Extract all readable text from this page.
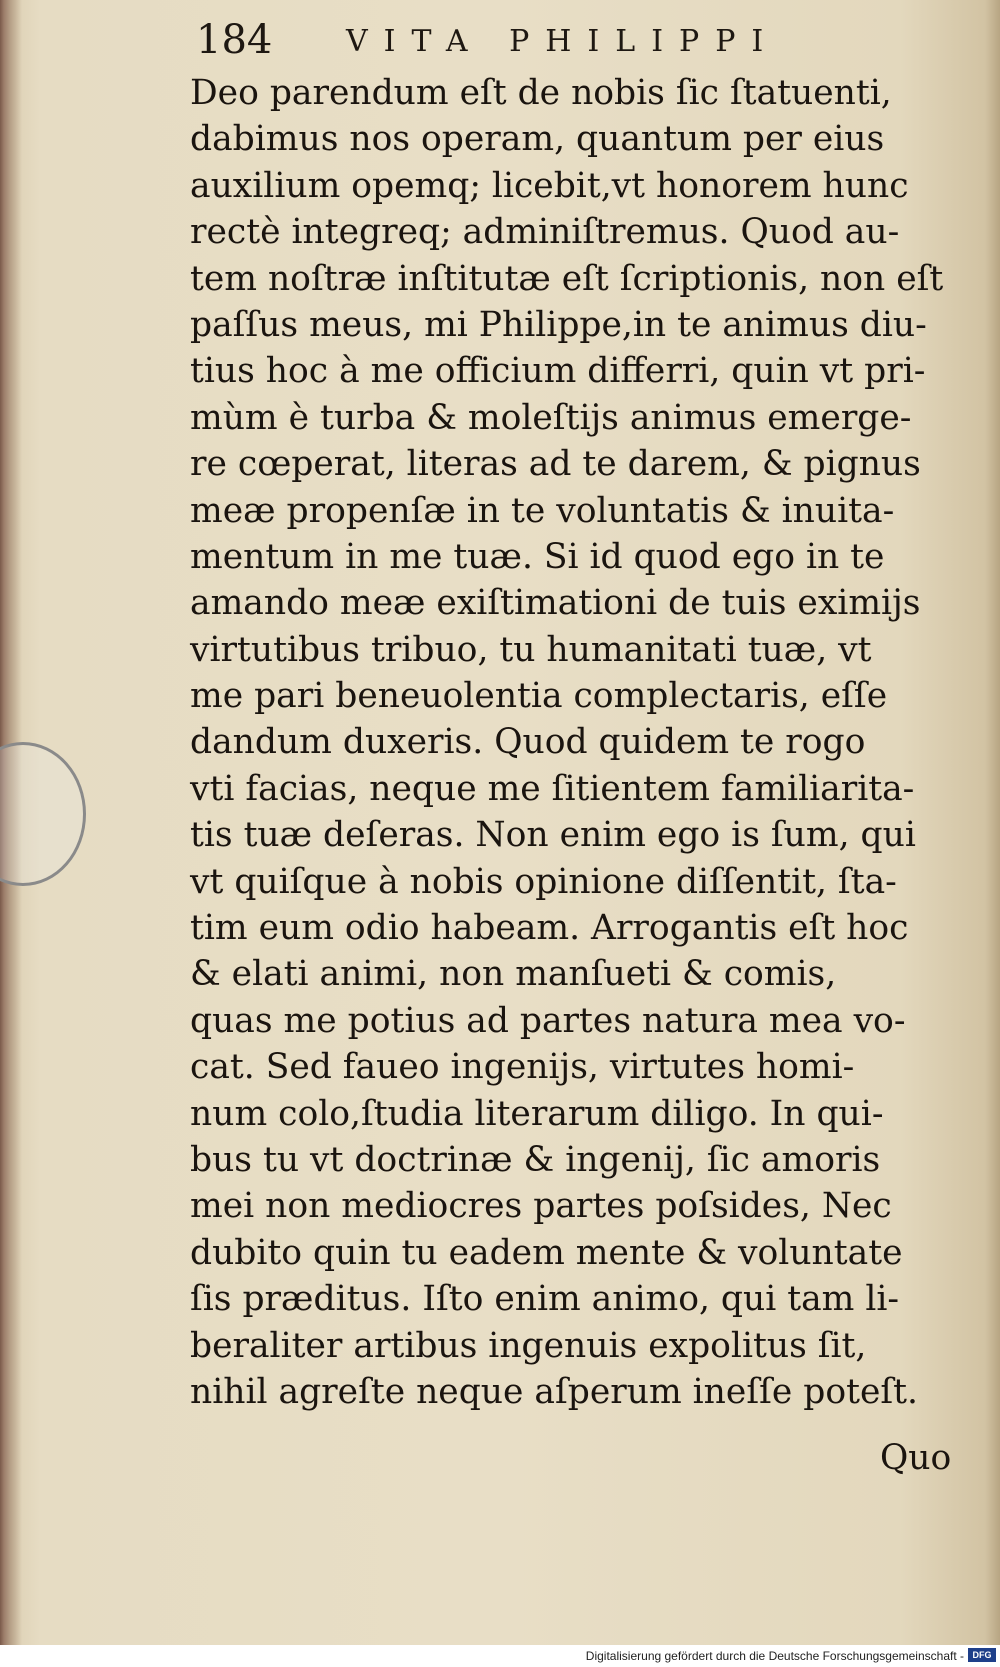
184 VITA PHILIPPI
Deo parendum eſt de nobis ſic ſtatuenti,
dabimus nos operam, quantum per eius
auxilium opemq; licebit,vt honorem hunc
rectè integreq; adminiſtremus. Quod au-
tem noſtræ inſtitutæ eſt ſcriptionis, non eſt
paſſus meus, mi Philippe,in te animus diu-
tius hoc à me officium differri, quin vt pri-
mùm è turba & moleſtijs animus emerge-
re cœperat, literas ad te darem, & pignus
meæ propenſæ in te voluntatis & inuita-
mentum in me tuæ. Si id quod ego in te
amando meæ exiſtimationi de tuis eximijs
virtutibus tribuo, tu humanitati tuæ, vt
me pari beneuolentia complectaris, eſſe
dandum duxeris. Quod quidem te rogo
vti facias, neque me ſitientem familiarita-
tis tuæ deſeras. Non enim ego is ſum, qui
vt quiſque à nobis opinione diſſentit, ſta-
tim eum odio habeam. Arrogantis eſt hoc
& elati animi, non manſueti & comis,
quas me potius ad partes natura mea vo-
cat. Sed faueo ingenijs, virtutes homi-
num colo,ſtudia literarum diligo. In qui-
bus tu vt doctrinæ & ingenij, ſic amoris
mei non mediocres partes poſsides, Nec
dubito quin tu eadem mente & voluntate
ſis præditus. Iſto enim animo, qui tam li-
beraliter artibus ingenuis expolitus ſit,
nihil agreſte neque aſperum ineſſe poteſt.
Quo
Digitalisierung gefördert durch die Deutsche Forschungsgemeinschaft - DFG
